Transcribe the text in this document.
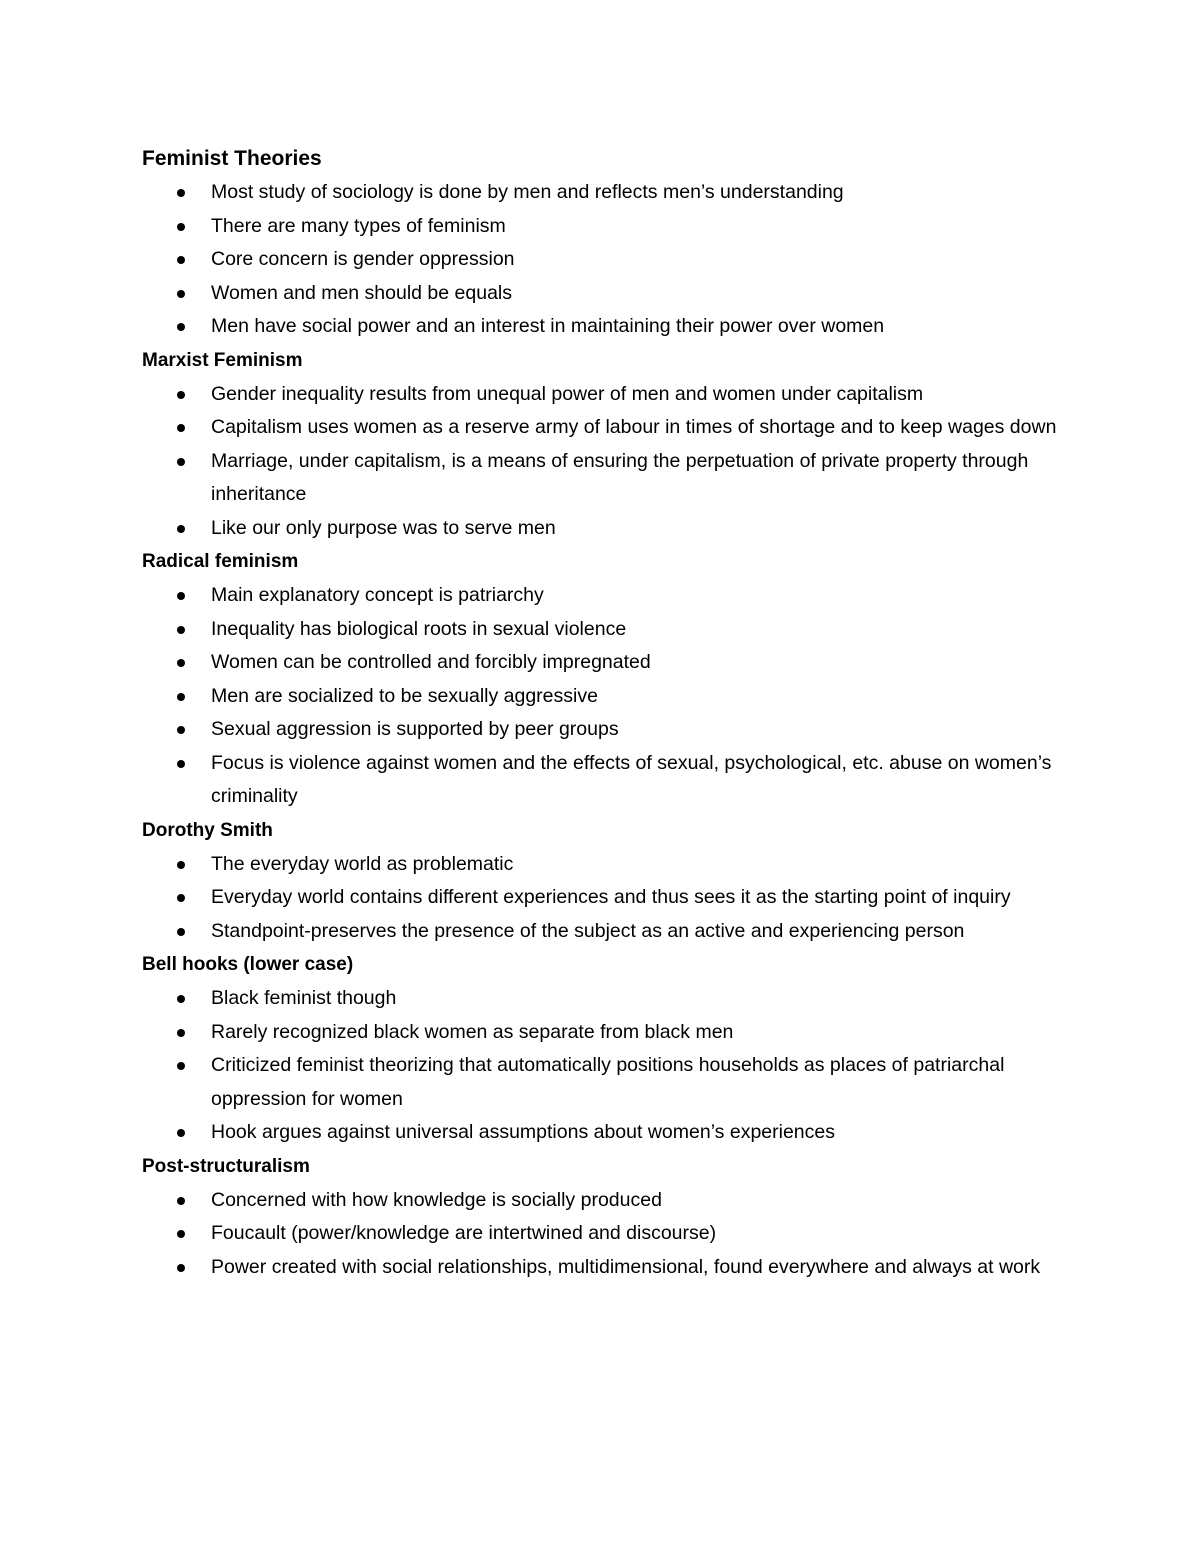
Feminist Theories
Most study of sociology is done by men and reflects men’s understanding
There are many types of feminism
Core concern is gender oppression
Women and men should be equals
Men have social power and an interest in maintaining their power over women
Marxist Feminism
Gender inequality results from unequal power of men and women under capitalism
Capitalism uses women as a reserve army of labour in times of shortage and to keep wages down
Marriage, under capitalism, is a means of ensuring the perpetuation of private property through inheritance
Like our only purpose was to serve men
Radical feminism
Main explanatory concept is patriarchy
Inequality has biological roots in sexual violence
Women can be controlled and forcibly impregnated
Men are socialized to be sexually aggressive
Sexual aggression is supported by peer groups
Focus is violence against women and the effects of sexual, psychological, etc. abuse on women’s criminality
Dorothy Smith
The everyday world as problematic
Everyday world contains different experiences and thus sees it as the starting point of inquiry
Standpoint-preserves the presence of the subject as an active and experiencing person
Bell hooks (lower case)
Black feminist though
Rarely recognized black women as separate from black men
Criticized feminist theorizing that automatically positions households as places of patriarchal oppression for women
Hook argues against universal assumptions about women’s experiences
Post-structuralism
Concerned with how knowledge is socially produced
Foucault (power/knowledge are intertwined and discourse)
Power created with social relationships, multidimensional, found everywhere and always at work
